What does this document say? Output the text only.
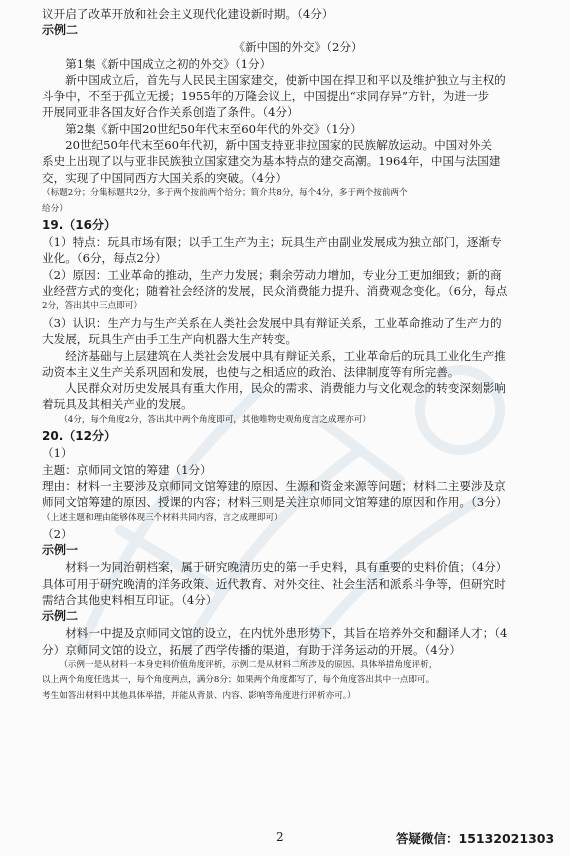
议开启了改革开放和社会主义现代化建设新时期。（4分）
示例二
《新中国的外交》（2分）
第1集《新中国成立之初的外交》（1分）
新中国成立后，首先与人民民主国家建交，使新中国在捍卫和平以及维护独立与主权的
斗争中，不至于孤立无援；1955年的万隆会议上，中国提出“求同存异”方针，为进一步
开展同亚非各国友好合作关系创造了条件。（4分）
第2集《新中国20世纪50年代末至60年代的外交》（1分）
20世纪50年代末至60年代初，新中国支持亚非拉国家的民族解放运动。中国对外关
系史上出现了以与亚非民族独立国家建交为基本特点的建交高潮。1964年，中国与法国建
交，实现了中国同西方大国关系的突破。（4分）
（标题2分；分集标题共2分，多于两个按前两个给分；简介共8分，每个4分，多于两个按前两个
给分）
19.（16分）
（1）特点：玩具市场有限；以手工生产为主；玩具生产由副业发展成为独立部门，逐渐专
业化。（6分，每点2分）
（2）原因：工业革命的推动，生产力发展；剩余劳动力增加，专业分工更加细致；新的商
业经营方式的变化；随着社会经济的发展，民众消费能力提升、消费观念变化。（6分，每点
2分，答出其中三点即可）
（3）认识：生产力与生产关系在人类社会发展中具有辩证关系，工业革命推动了生产力的
大发展，玩具生产由手工生产向机器大生产转变。
经济基础与上层建筑在人类社会发展中具有辩证关系，工业革命后的玩具工业化生产推
动资本主义生产关系巩固和发展，也使与之相适应的政治、法律制度等有所完善。
人民群众对历史发展具有重大作用，民众的需求、消费能力与文化观念的转变深刻影响
着玩具及其相关产业的发展。
（4分，每个角度2分，答出其中两个角度即可，其他唯物史观角度言之成理亦可）
20.（12分）
（1）
主题：京师同文馆的筹建（1分）
理由：材料一主要涉及京师同文馆筹建的原因、生源和资金来源等问题；材料二主要涉及京
师同文馆筹建的原因、授课的内容；材料三则是关注京师同文馆筹建的原因和作用。（3分）
（上述主题和理由能够体现三个材料共同内容，言之成理即可）
（2）
示例一
材料一为同治朝档案，属于研究晚清历史的第一手史料，具有重要的史料价值；（4分）
具体可用于研究晚清的洋务政策、近代教育、对外交往、社会生活和派系斗争等，但研究时
需结合其他史料相互印证。（4分）
示例二
材料一中提及京师同文馆的设立，在内忧外患形势下，其旨在培养外交和翻译人才；（4
分）京师同文馆的设立，拓展了西学传播的渠道，有助于洋务运动的开展。（4分）
（示例一是从材料一本身史料价值角度评析，示例二是从材料二所涉及的原因、具体举措角度评析，
以上两个角度任选其一，每个角度两点，满分8分；如果两个角度都写了，每个角度答出其中一点即可。
考生如答出材料中其他具体举措，并能从背景、内容、影响等角度进行评析亦可。）
2	答疑微信：15132021303
